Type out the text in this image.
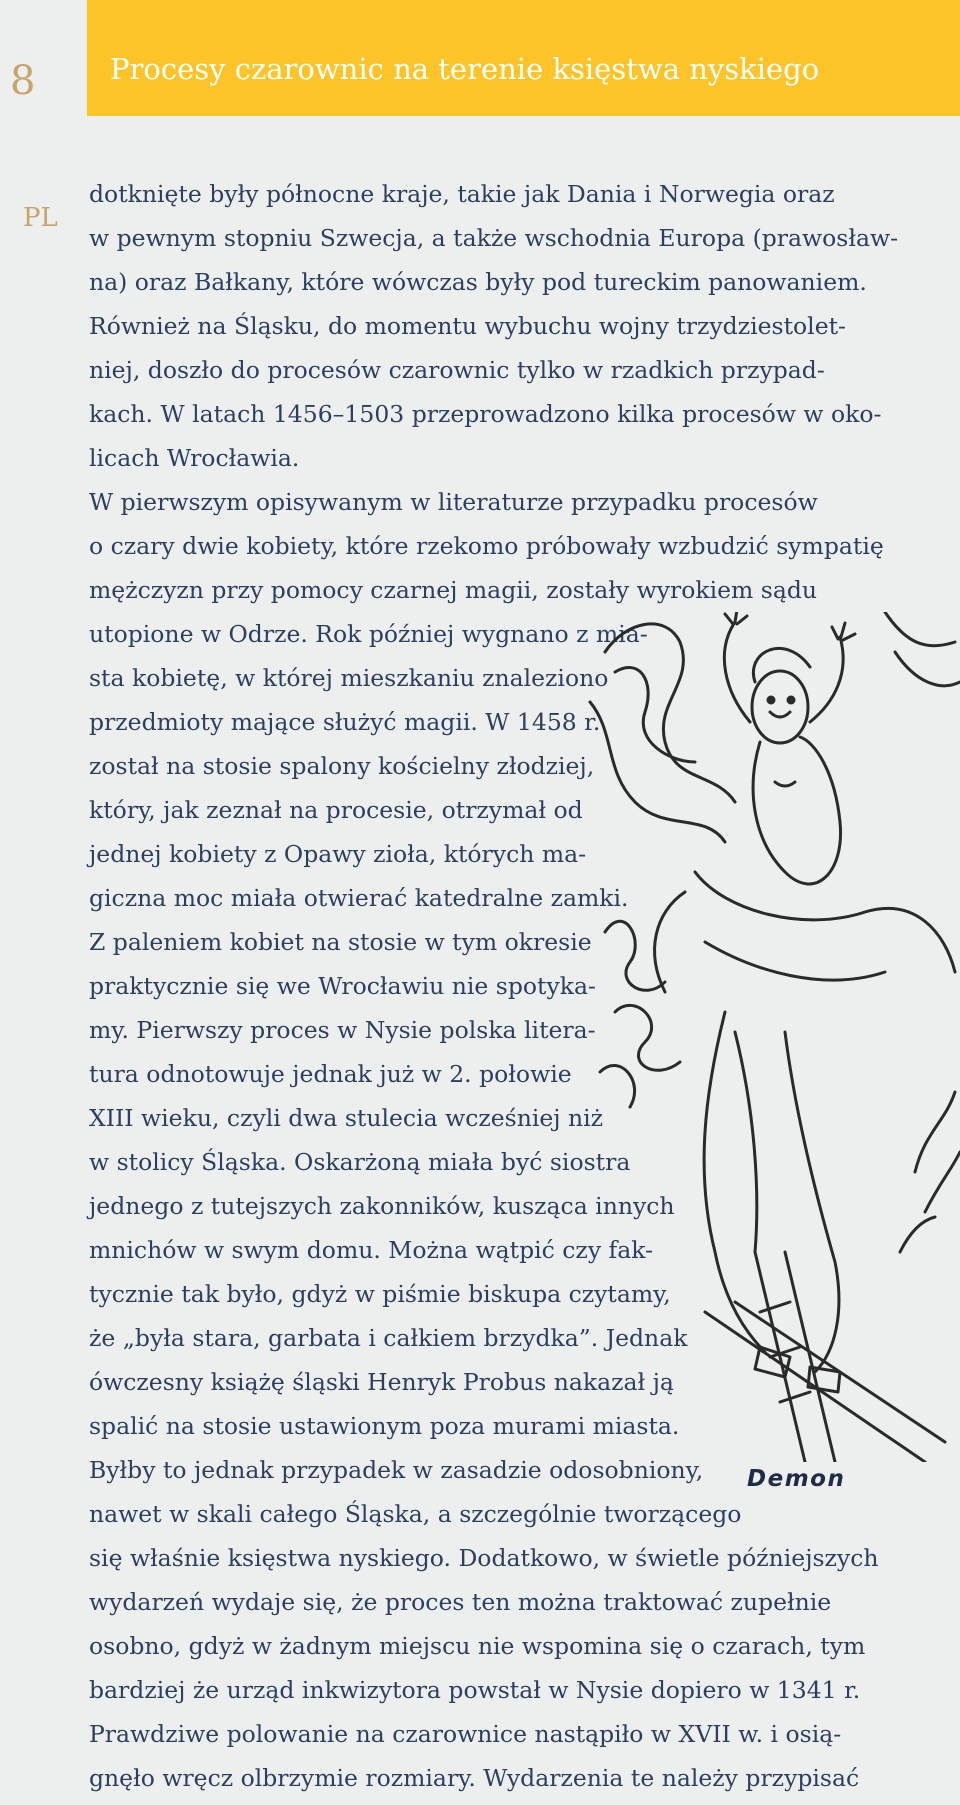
8	Procesy czarownic na terenie księstwa nyskiego
PL
dotknięte były północne kraje, takie jak Dania i Norwegia oraz
w pewnym stopniu Szwecja, a także wschodnia Europa (prawosław-
na) oraz Bałkany, które wówczas były pod tureckim panowaniem.
Również na Śląsku, do momentu wybuchu wojny trzydziestolet-
niej, doszło do procesów czarownic tylko w rzadkich przypad-
kach. W latach 1456–1503 przeprowadzono kilka procesów w oko-
licach Wrocławia.
W pierwszym opisywanym w literaturze przypadku procesów
o czary dwie kobiety, które rzekomo próbowały wzbudzić sympatię
mężczyzn przy pomocy czarnej magii, zostały wyrokiem sądu
utopione w Odrze. Rok później wygnano z mia-
sta kobietę, w której mieszkaniu znaleziono
przedmioty mające służyć magii. W 1458 r.
został na stosie spalony kościelny złodziej,
który, jak zeznał na procesie, otrzymał od
jednej kobiety z Opawy zioła, których ma-
giczna moc miała otwierać katedralne zamki.
Z paleniem kobiet na stosie w tym okresie
praktycznie się we Wrocławiu nie spotyka-
my. Pierwszy proces w Nysie polska litera-
tura odnotowuje jednak już w 2. połowie
XIII wieku, czyli dwa stulecia wcześniej niż
w stolicy Śląska. Oskarżoną miała być siostra
jednego z tutejszych zakonników, kusząca innych
mnichów w swym domu. Można wątpić czy fak-
tycznie tak było, gdyż w piśmie biskupa czytamy,
że „była stara, garbata i całkiem brzydka”. Jednak
ówczesny książę śląski Henryk Probus nakazał ją
spalić na stosie ustawionym poza murami miasta.
Byłby to jednak przypadek w zasadzie odosobniony,
nawet w skali całego Śląska, a szczególnie tworzącego
się właśnie księstwa nyskiego. Dodatkowo, w świetle późniejszych
wydarzeń wydaje się, że proces ten można traktować zupełnie
osobno, gdyż w żadnym miejscu nie wspomina się o czarach, tym
bardziej że urząd inkwizytora powstał w Nysie dopiero w 1341 r.
Prawdziwe polowanie na czarownice nastąpiło w XVII w. i osią-
gnęło wręcz olbrzymie rozmiary. Wydarzenia te należy przypisać
Demon
